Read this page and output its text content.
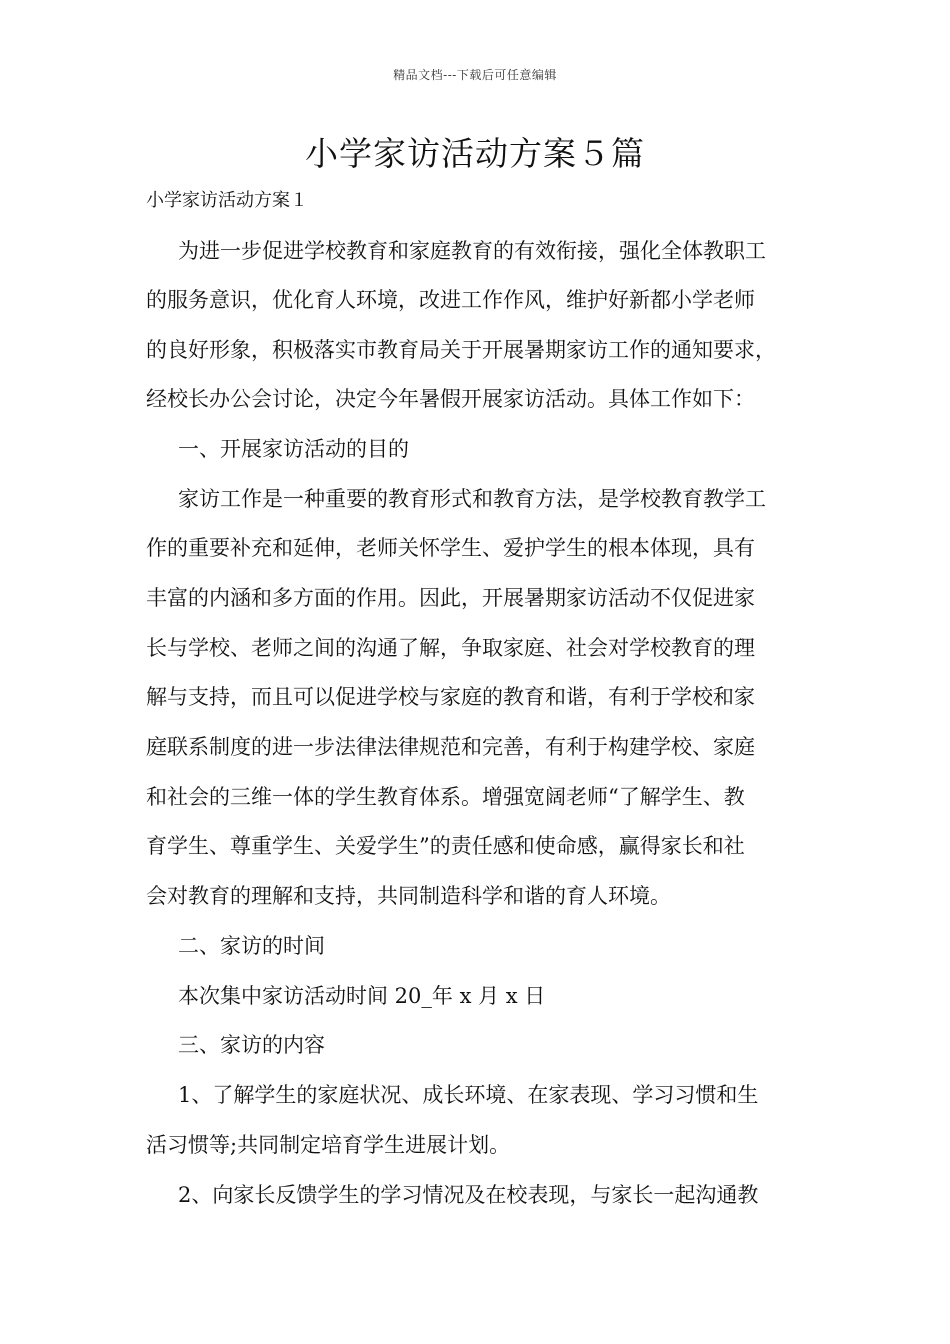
精品文档---下载后可任意编辑
小学家访活动方案５篇
小学家访活动方案１
为进一步促进学校教育和家庭教育的有效衔接，强化全体教职工
的服务意识，优化育人环境，改进工作作风，维护好新都小学老师
的良好形象，积极落实市教育局关于开展暑期家访工作的通知要求，
经校长办公会讨论，决定今年暑假开展家访活动。具体工作如下：
一、开展家访活动的目的
家访工作是一种重要的教育形式和教育方法，是学校教育教学工
作的重要补充和延伸，老师关怀学生、爱护学生的根本体现，具有
丰富的内涵和多方面的作用。因此，开展暑期家访活动不仅促进家
长与学校、老师之间的沟通了解，争取家庭、社会对学校教育的理
解与支持，而且可以促进学校与家庭的教育和谐，有利于学校和家
庭联系制度的进一步法律法律规范和完善，有利于构建学校、家庭
和社会的三维一体的学生教育体系。增强宽阔老师“了解学生、教
育学生、尊重学生、关爱学生”的责任感和使命感，赢得家长和社
会对教育的理解和支持，共同制造科学和谐的育人环境。
二、家访的时间
本次集中家访活动时间 20_年 x 月 x 日
三、家访的内容
1、了解学生的家庭状况、成长环境、在家表现、学习习惯和生
活习惯等;共同制定培育学生进展计划。
2、向家长反馈学生的学习情况及在校表现，与家长一起沟通教
